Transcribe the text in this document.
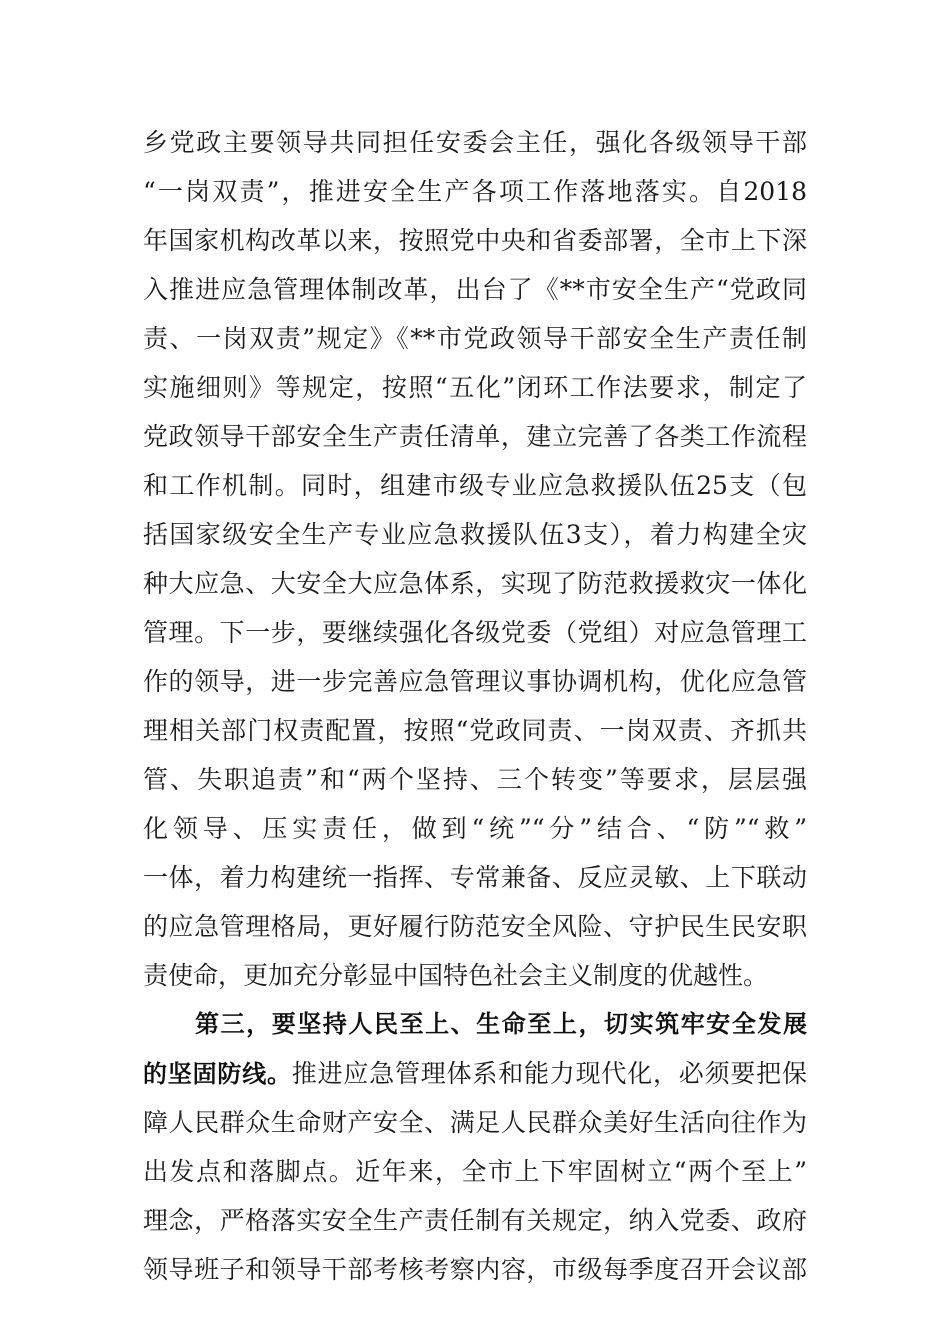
乡党政主要领导共同担任安委会主任，强化各级领导干部
“一岗双责”，推进安全生产各项工作落地落实。自2018
年国家机构改革以来，按照党中央和省委部署，全市上下深
入推进应急管理体制改革，出台了《**市安全生产“党政同
责、一岗双责”规定》《**市党政领导干部安全生产责任制
实施细则》等规定，按照“五化”闭环工作法要求，制定了
党政领导干部安全生产责任清单，建立完善了各类工作流程
和工作机制。同时，组建市级专业应急救援队伍25支（包
括国家级安全生产专业应急救援队伍3支），着力构建全灾
种大应急、大安全大应急体系，实现了防范救援救灾一体化
管理。下一步，要继续强化各级党委（党组）对应急管理工
作的领导，进一步完善应急管理议事协调机构，优化应急管
理相关部门权责配置，按照“党政同责、一岗双责、齐抓共
管、失职追责”和“两个坚持、三个转变”等要求，层层强
化领导、压实责任，做到“统”“分”结合、“防”“救”
一体，着力构建统一指挥、专常兼备、反应灵敏、上下联动
的应急管理格局，更好履行防范安全风险、守护民生民安职
责使命，更加充分彰显中国特色社会主义制度的优越性。
第三，要坚持人民至上、生命至上，切实筑牢安全发展
的坚固防线。推进应急管理体系和能力现代化，必须要把保
障人民群众生命财产安全、满足人民群众美好生活向往作为
出发点和落脚点。近年来，全市上下牢固树立“两个至上”
理念，严格落实安全生产责任制有关规定，纳入党委、政府
领导班子和领导干部考核考察内容，市级每季度召开会议部
